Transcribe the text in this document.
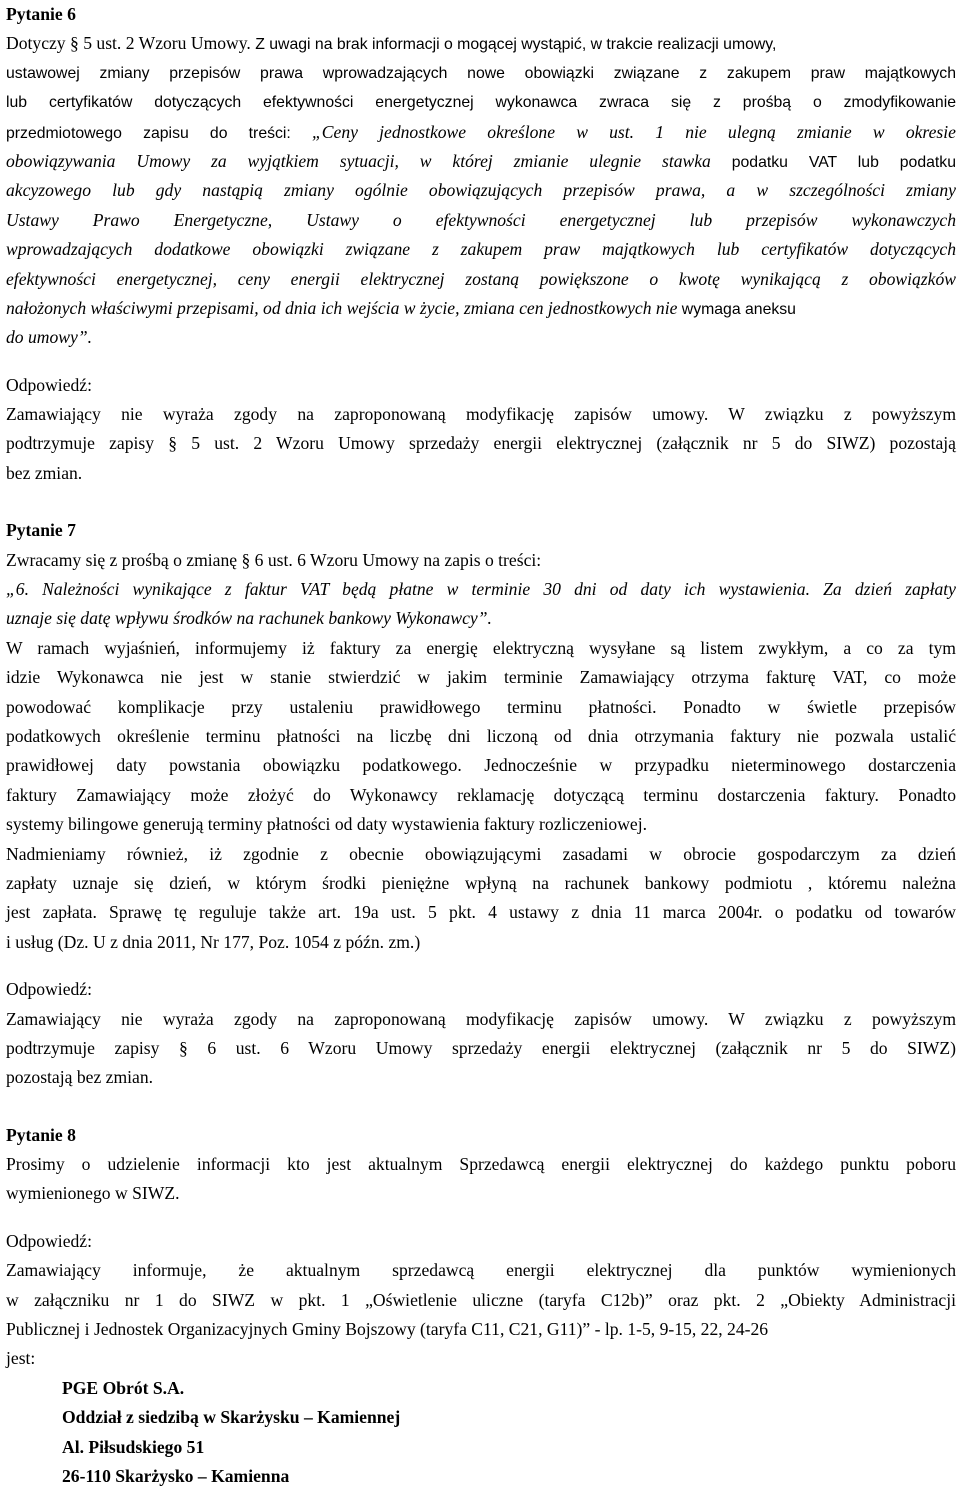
Pytanie 6
Dotyczy § 5 ust. 2 Wzoru Umowy. Z uwagi na brak informacji o mogącej wystąpić, w trakcie realizacji umowy,
ustawowej zmiany przepisów prawa wprowadzających nowe obowiązki związane z zakupem praw majątkowych
lub certyfikatów dotyczących efektywności energetycznej wykonawca zwraca się z prośbą o zmodyfikowanie
przedmiotowego zapisu do treści: „Ceny jednostkowe określone w ust. 1 nie ulegną zmianie w okresie
obowiązywania Umowy za wyjątkiem sytuacji, w której zmianie ulegnie stawka podatku VAT lub podatku
akcyzowego lub gdy nastąpią zmiany ogólnie obowiązujących przepisów prawa, a w szczególności zmiany
Ustawy Prawo Energetyczne, Ustawy o efektywności energetycznej lub przepisów wykonawczych
wprowadzających dodatkowe obowiązki związane z zakupem praw majątkowych lub certyfikatów dotyczących
efektywności energetycznej, ceny energii elektrycznej zostaną powiększone o kwotę wynikającą z obowiązków
nałożonych właściwymi przepisami, od dnia ich wejścia w życie, zmiana cen jednostkowych nie wymaga aneksu
do umowy”.
Odpowiedź:
Zamawiający nie wyraża zgody na zaproponowaną modyfikację zapisów umowy. W związku z powyższym
podtrzymuje zapisy § 5 ust. 2 Wzoru Umowy sprzedaży energii elektrycznej (załącznik nr 5 do SIWZ) pozostają
bez zmian.
Pytanie 7
Zwracamy się z prośbą o zmianę § 6 ust. 6 Wzoru Umowy na zapis o treści:
„6. Należności wynikające z faktur VAT będą płatne w terminie 30 dni od daty ich wystawienia. Za dzień zapłaty
uznaje się datę wpływu środków na rachunek bankowy Wykonawcy”.
W ramach wyjaśnień, informujemy iż faktury za energię elektryczną wysyłane są listem zwykłym, a co za tym
idzie Wykonawca nie jest w stanie stwierdzić w jakim terminie Zamawiający otrzyma fakturę VAT, co może
powodować komplikacje przy ustaleniu prawidłowego terminu płatności. Ponadto w świetle przepisów
podatkowych określenie terminu płatności na liczbę dni liczoną od dnia otrzymania faktury nie pozwala ustalić
prawidłowej daty powstania obowiązku podatkowego. Jednocześnie w przypadku nieterminowego dostarczenia
faktury Zamawiający może złożyć do Wykonawcy reklamację dotyczącą terminu dostarczenia faktury. Ponadto
systemy bilingowe generują terminy płatności od daty wystawienia faktury rozliczeniowej.
Nadmieniamy również, iż zgodnie z obecnie obowiązującymi zasadami w obrocie gospodarczym za dzień
zapłaty uznaje się dzień, w którym środki pieniężne wpłyną na rachunek bankowy podmiotu , któremu należna
jest zapłata. Sprawę tę reguluje także art. 19a ust. 5 pkt. 4 ustawy z dnia 11 marca 2004r. o podatku od towarów
i usług (Dz. U z dnia 2011, Nr 177, Poz. 1054 z późn. zm.)
Odpowiedź:
Zamawiający nie wyraża zgody na zaproponowaną modyfikację zapisów umowy. W związku z powyższym
podtrzymuje zapisy § 6 ust. 6 Wzoru Umowy sprzedaży energii elektrycznej (załącznik nr 5 do SIWZ)
pozostają bez zmian.
Pytanie 8
Prosimy o udzielenie informacji kto jest aktualnym Sprzedawcą energii elektrycznej do każdego punktu poboru
wymienionego w SIWZ.
Odpowiedź:
Zamawiający informuje, że aktualnym sprzedawcą energii elektrycznej dla punktów wymienionych
w załączniku nr 1 do SIWZ w pkt. 1 „Oświetlenie uliczne (taryfa C12b)” oraz pkt. 2 „Obiekty Administracji
Publicznej i Jednostek Organizacyjnych Gminy Bojszowy (taryfa C11, C21, G11)” - lp. 1-5, 9-15, 22, 24-26
jest:
PGE Obrót S.A.
Oddział z siedzibą w Skarżysku – Kamiennej
Al. Piłsudskiego 51
26-110 Skarżysko – Kamienna
